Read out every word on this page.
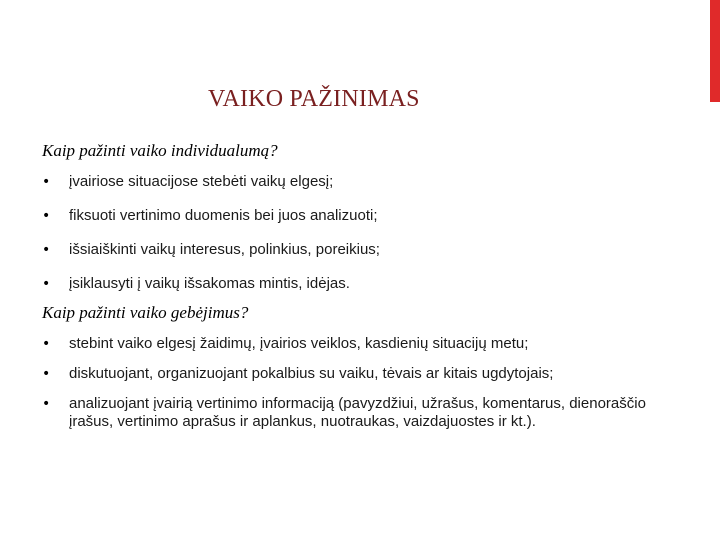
VAIKO PAŽINIMAS
Kaip pažinti vaiko individualumą?
• įvairiose situacijose stebėti vaikų elgesį;
• fiksuoti vertinimo duomenis bei juos analizuoti;
• išsiaiškinti vaikų interesus, polinkius, poreikius;
• įsiklausyti į vaikų išsakomas mintis, idėjas.
Kaip pažinti vaiko gebėjimus?
• stebint vaiko elgesį žaidimų, įvairios veiklos, kasdienių situacijų metu;
• diskutuojant, organizuojant pokalbius su vaiku, tėvais ar kitais ugdytojais;
• analizuojant įvairią vertinimo informaciją (pavyzdžiui, užrašus, komentarus, dienoraščio įrašus, vertinimo aprašus ir aplankus, nuotraukas, vaizdajuostes ir kt.).
